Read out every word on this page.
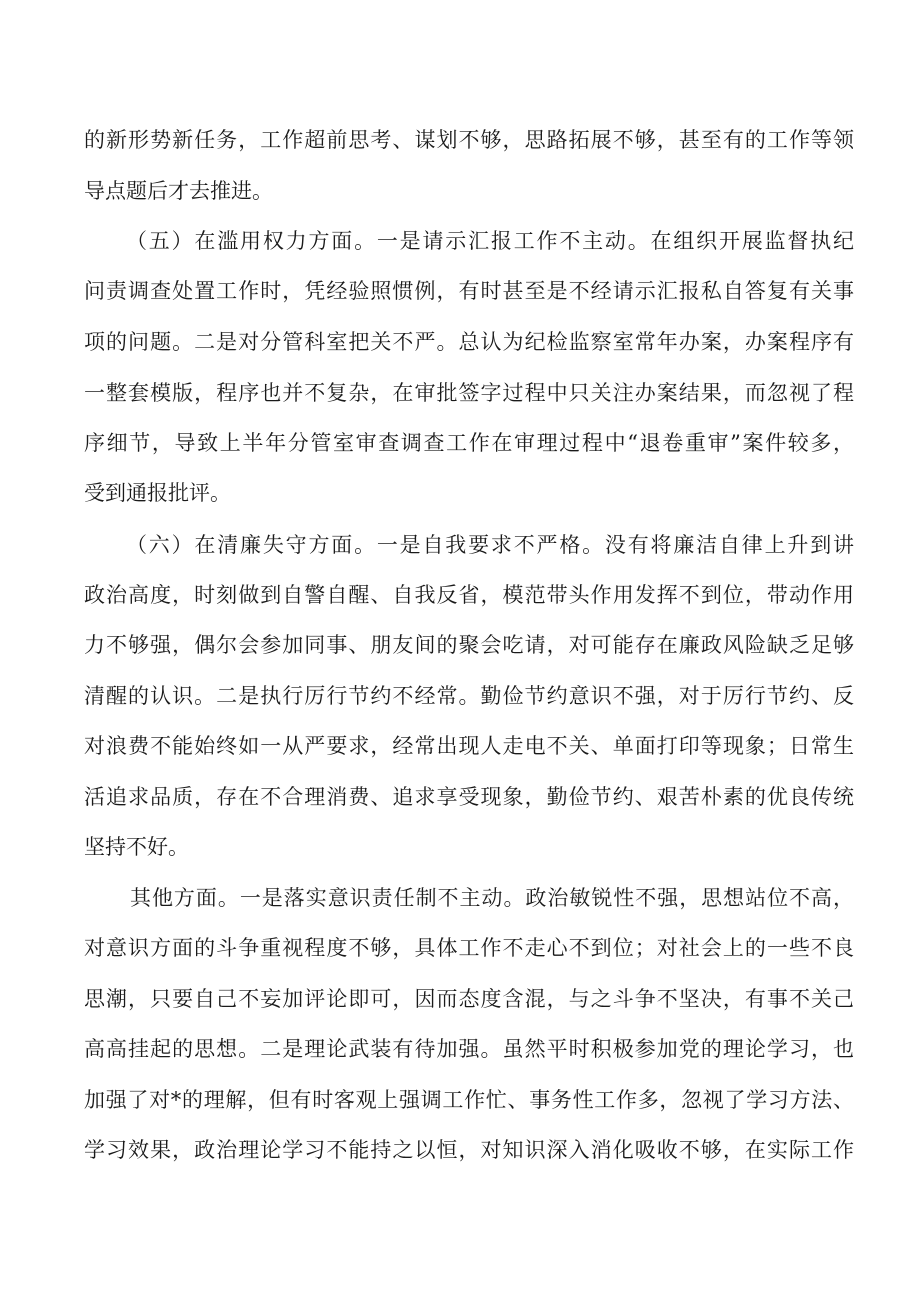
的新形势新任务，工作超前思考、谋划不够，思路拓展不够，甚至有的工作等领
导点题后才去推进。
（五）在滥用权力方面。一是请示汇报工作不主动。在组织开展监督执纪
问责调查处置工作时，凭经验照惯例，有时甚至是不经请示汇报私自答复有关事
项的问题。二是对分管科室把关不严。总认为纪检监察室常年办案，办案程序有
一整套模版，程序也并不复杂，在审批签字过程中只关注办案结果，而忽视了程
序细节，导致上半年分管室审查调查工作在审理过程中“退卷重审”案件较多，
受到通报批评。
（六）在清廉失守方面。一是自我要求不严格。没有将廉洁自律上升到讲
政治高度，时刻做到自警自醒、自我反省，模范带头作用发挥不到位，带动作用
力不够强，偶尔会参加同事、朋友间的聚会吃请，对可能存在廉政风险缺乏足够
清醒的认识。二是执行厉行节约不经常。勤俭节约意识不强，对于厉行节约、反
对浪费不能始终如一从严要求，经常出现人走电不关、单面打印等现象；日常生
活追求品质，存在不合理消费、追求享受现象，勤俭节约、艰苦朴素的优良传统
坚持不好。
其他方面。一是落实意识责任制不主动。政治敏锐性不强，思想站位不高，
对意识方面的斗争重视程度不够，具体工作不走心不到位；对社会上的一些不良
思潮，只要自己不妄加评论即可，因而态度含混，与之斗争不坚决，有事不关己
高高挂起的思想。二是理论武装有待加强。虽然平时积极参加党的理论学习，也
加强了对*的理解，但有时客观上强调工作忙、事务性工作多，忽视了学习方法、
学习效果，政治理论学习不能持之以恒，对知识深入消化吸收不够，在实际工作
